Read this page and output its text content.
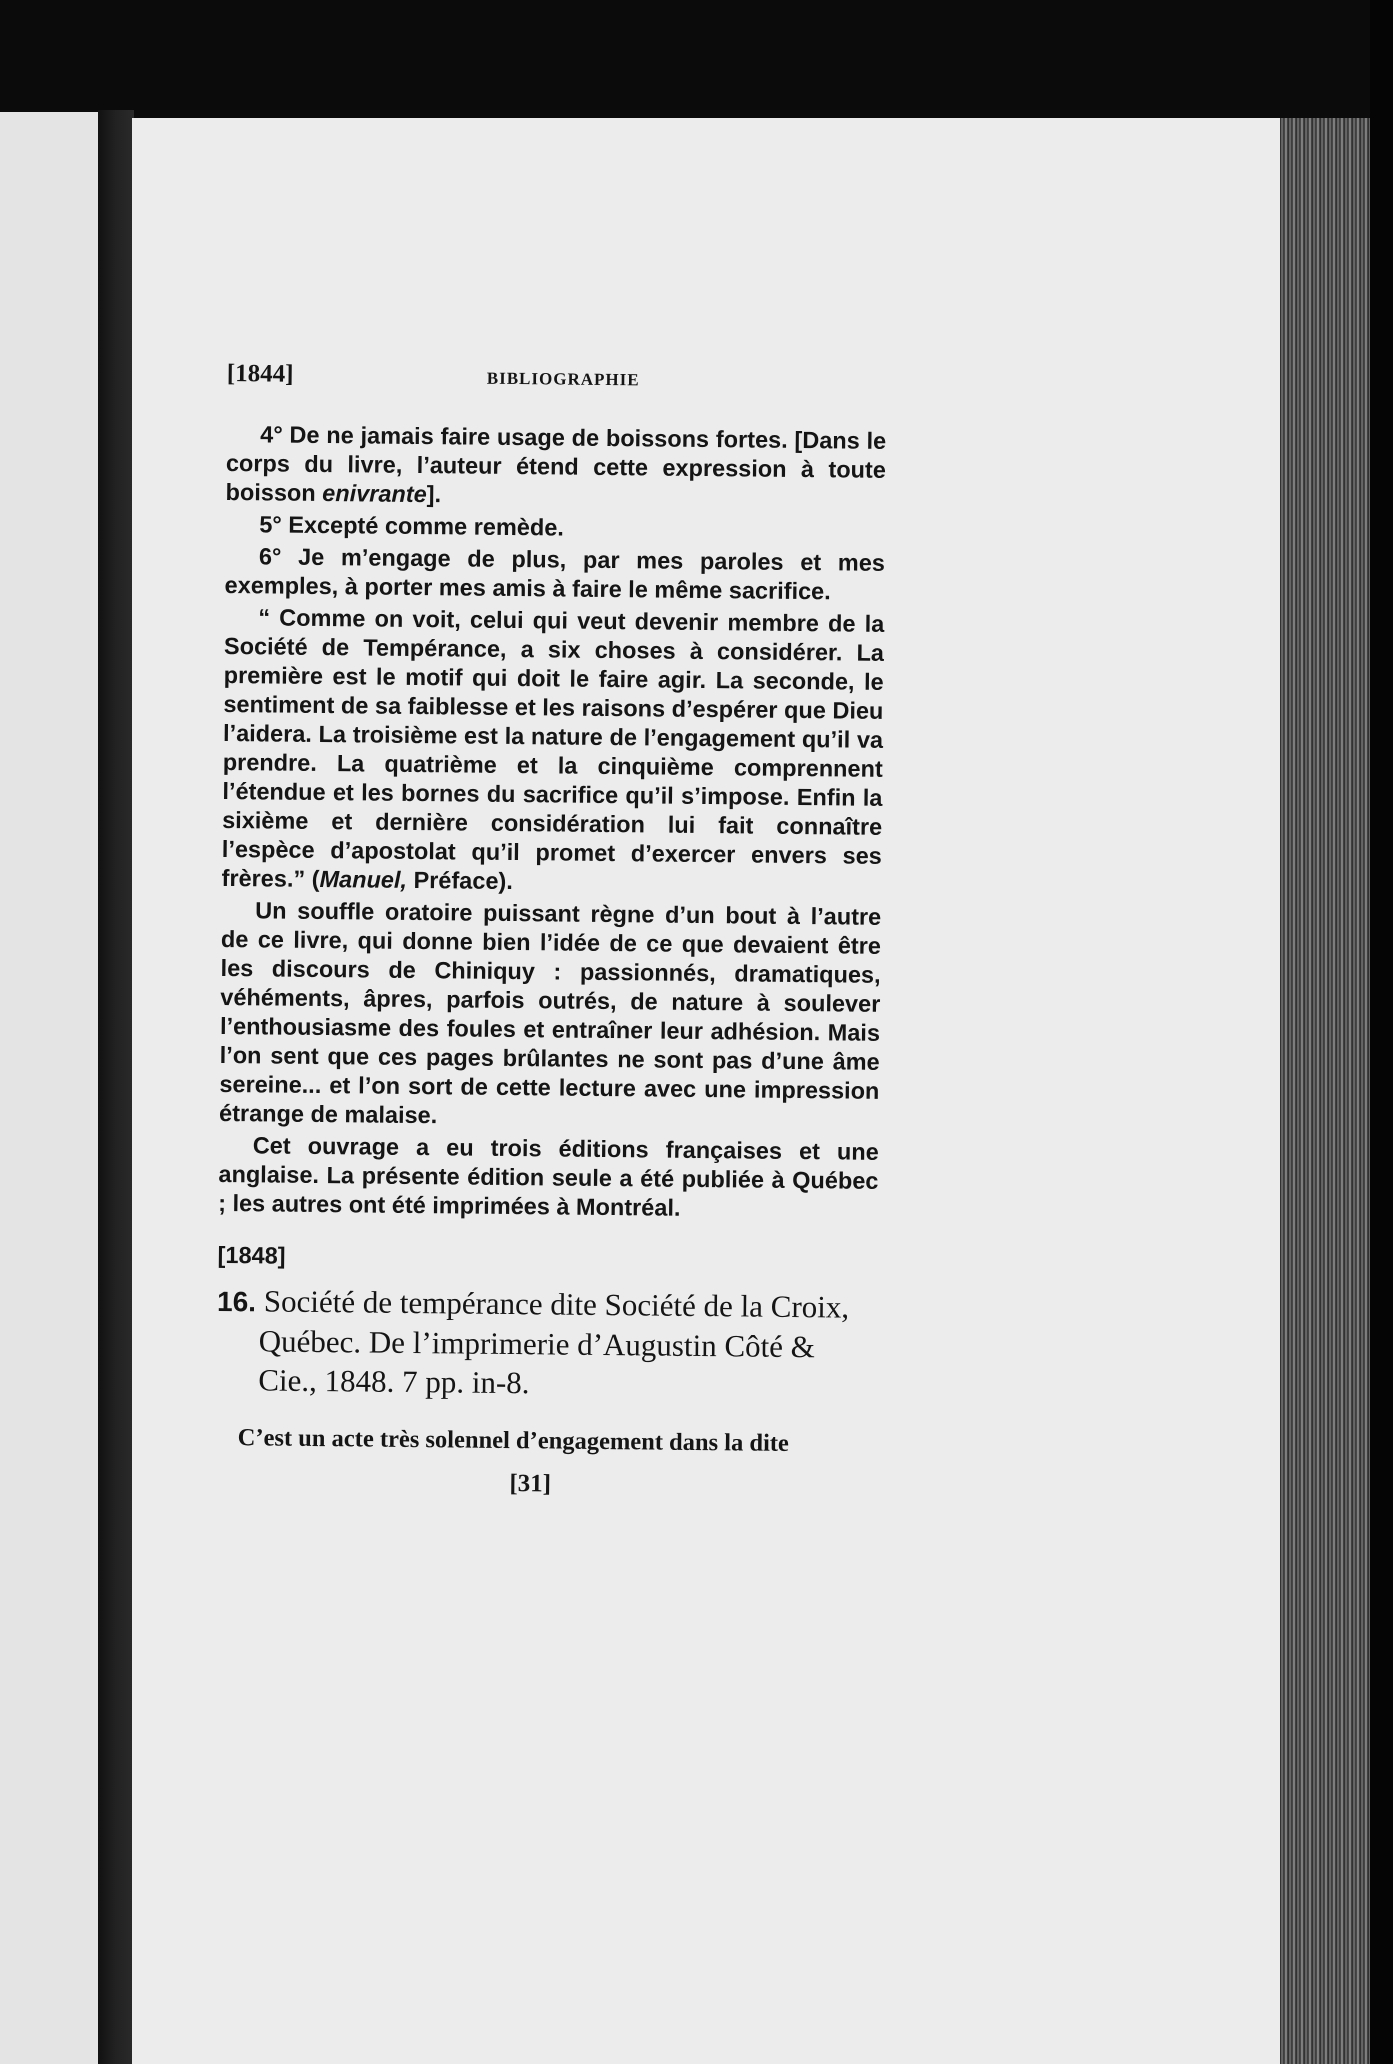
[1844]	BIBLIOGRAPHIE

4° De ne jamais faire usage de boissons fortes. [Dans le corps du livre, l’auteur étend cette expression à toute boisson enivrante].

5° Excepté comme remède.

6° Je m’engage de plus, par mes paroles et mes exemples, à porter mes amis à faire le même sacrifice.

“ Comme on voit, celui qui veut devenir membre de la Société de Tempérance, a six choses à considérer. La première est le motif qui doit le faire agir. La seconde, le sentiment de sa faiblesse et les raisons d’espérer que Dieu l’aidera. La troisième est la nature de l’engagement qu’il va prendre. La quatrième et la cinquième comprennent l’étendue et les bornes du sacrifice qu’il s’impose. Enfin la sixième et dernière considération lui fait connaître l’espèce d’apostolat qu’il promet d’exercer envers ses frères.” (Manuel, Préface).

Un souffle oratoire puissant règne d’un bout à l’autre de ce livre, qui donne bien l’idée de ce que devaient être les discours de Chiniquy : passionnés, dramatiques, véhéments, âpres, parfois outrés, de nature à soulever l’enthousiasme des foules et entraîner leur adhésion. Mais l’on sent que ces pages brûlantes ne sont pas d’une âme sereine... et l’on sort de cette lecture avec une impression étrange de malaise.

Cet ouvrage a eu trois éditions françaises et une anglaise. La présente édition seule a été publiée à Québec ; les autres ont été imprimées à Montréal.

[1848]

16. Société de tempérance dite Société de la Croix, Québec. De l’imprimerie d’Augustin Côté & Cie., 1848. 7 pp. in-8.

C’est un acte très solennel d’engagement dans la dite

[31]
